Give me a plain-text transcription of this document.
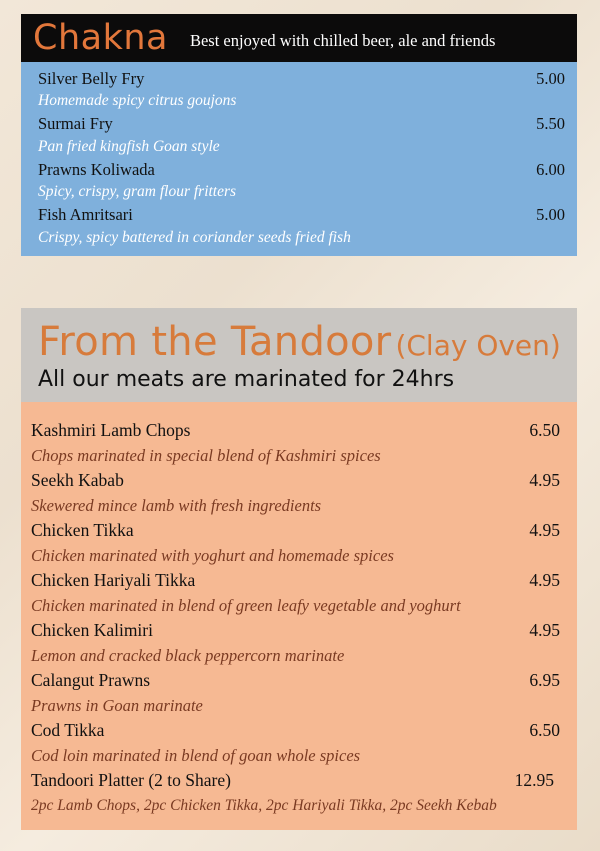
Chakna Best enjoyed with chilled beer, ale and friends
Silver Belly Fry	5.00
Homemade spicy citrus goujons
Surmai Fry	5.50
Pan fried kingfish Goan style
Prawns Koliwada	6.00
Spicy, crispy, gram flour fritters
Fish Amritsari	5.00
Crispy, spicy battered in coriander seeds fried fish
From the Tandoor (Clay Oven)
All our meats are marinated for 24hrs
Kashmiri Lamb Chops	6.50
Chops marinated in special blend of Kashmiri spices
Seekh Kabab	4.95
Skewered mince lamb with fresh ingredients
Chicken Tikka	4.95
Chicken marinated with yoghurt and homemade spices
Chicken Hariyali Tikka	4.95
Chicken marinated in blend of green leafy vegetable and yoghurt
Chicken Kalimiri	4.95
Lemon and cracked black peppercorn marinate
Calangut Prawns	6.95
Prawns in Goan marinate
Cod Tikka	6.50
Cod loin marinated in blend of goan whole spices
Tandoori Platter (2 to Share)	12.95
2pc Lamb Chops, 2pc Chicken Tikka, 2pc Hariyali Tikka, 2pc Seekh Kebab
